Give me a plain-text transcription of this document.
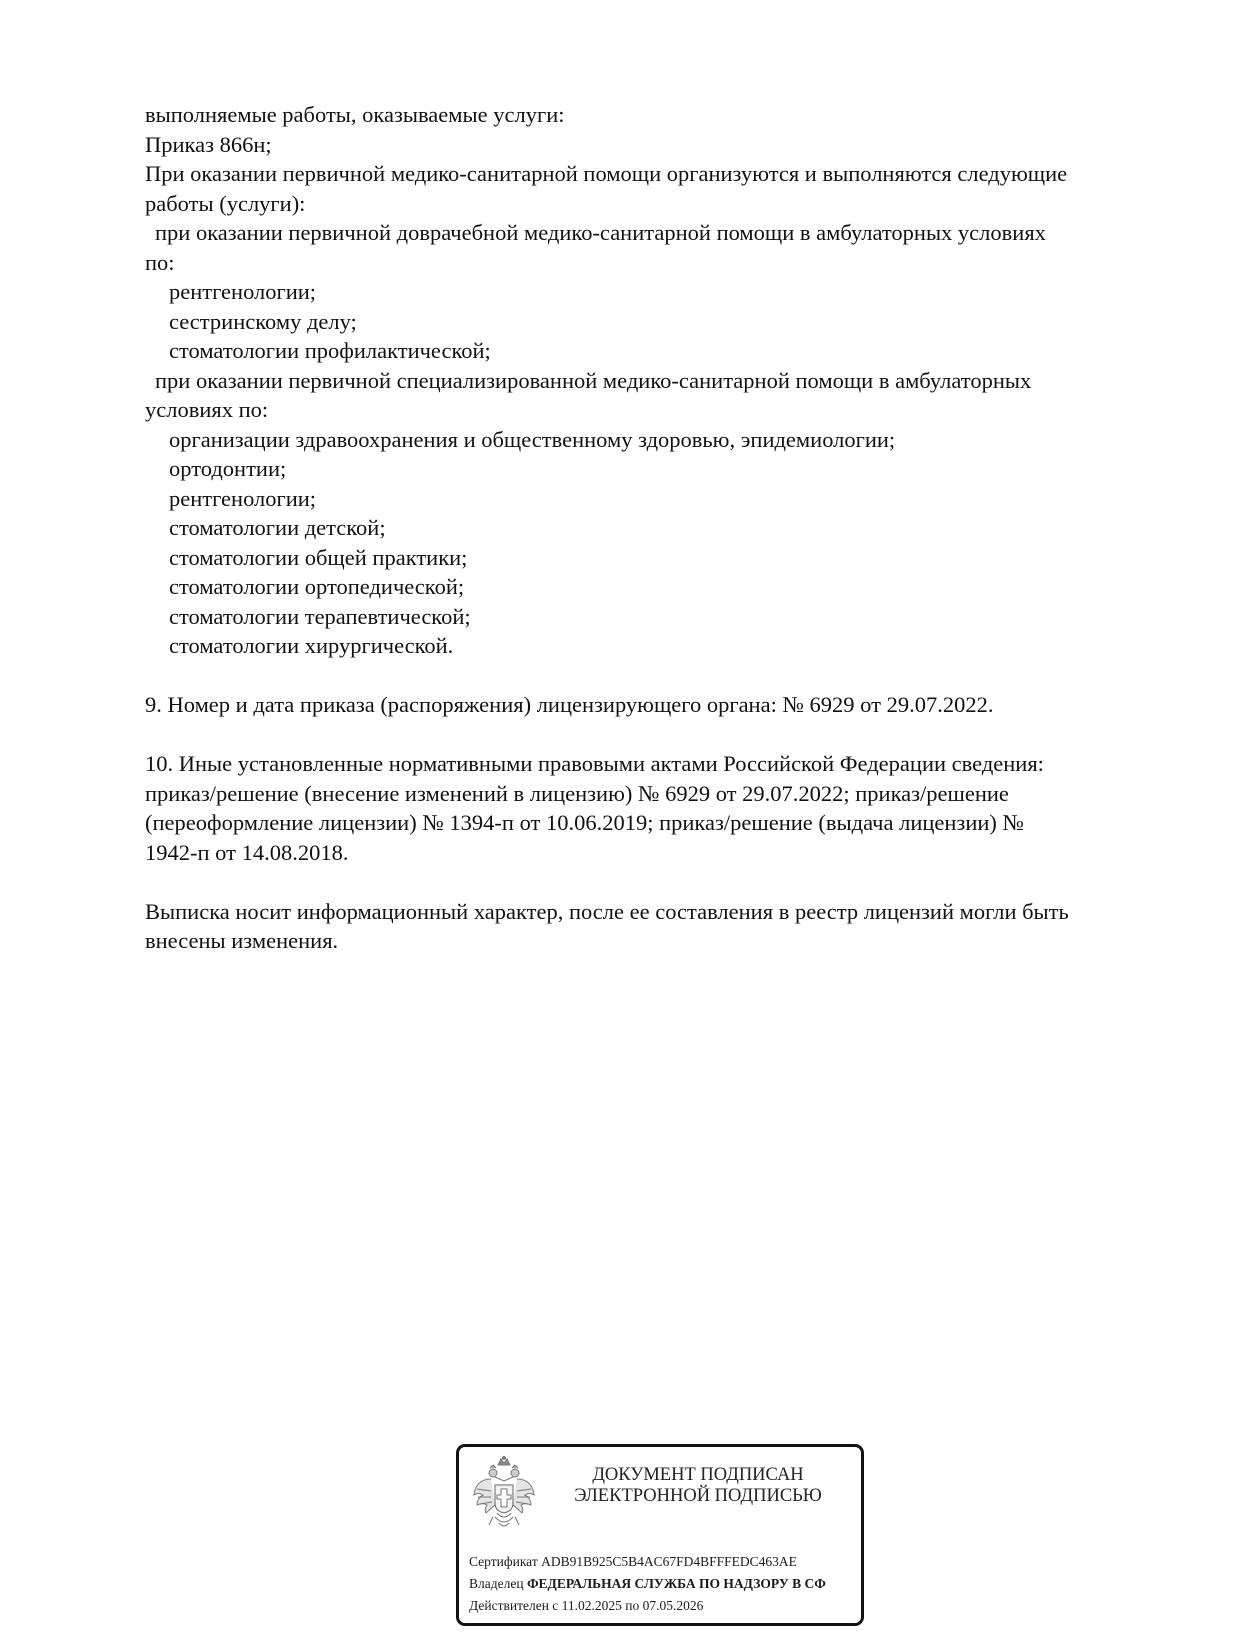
выполняемые работы, оказываемые услуги:
Приказ 866н;
При оказании первичной медико-санитарной помощи организуются и выполняются следующие
работы (услуги):
при оказании первичной доврачебной медико-санитарной помощи в амбулаторных условиях
по:
рентгенологии;
сестринскому делу;
стоматологии профилактической;
при оказании первичной специализированной медико-санитарной помощи в амбулаторных
условиях по:
организации здравоохранения и общественному здоровью, эпидемиологии;
ортодонтии;
рентгенологии;
стоматологии детской;
стоматологии общей практики;
стоматологии ортопедической;
стоматологии терапевтической;
стоматологии хирургической.
9. Номер и дата приказа (распоряжения) лицензирующего органа: № 6929 от 29.07.2022.
10. Иные установленные нормативными правовыми актами Российской Федерации сведения:
приказ/решение (внесение изменений в лицензию) № 6929 от 29.07.2022; приказ/решение
(переоформление лицензии) № 1394-п от 10.06.2019; приказ/решение (выдача лицензии) №
1942-п от 14.08.2018.
Выписка носит информационный характер, после ее составления в реестр лицензий могли быть
внесены изменения.
ДОКУМЕНТ ПОДПИСАН
ЭЛЕКТРОННОЙ ПОДПИСЬЮ
Сертификат ADB91B925C5B4AC67FD4BFFFEDC463AE
Владелец ФЕДЕРАЛЬНАЯ СЛУЖБА ПО НАДЗОРУ В СФ
Действителен с 11.02.2025 по 07.05.2026
